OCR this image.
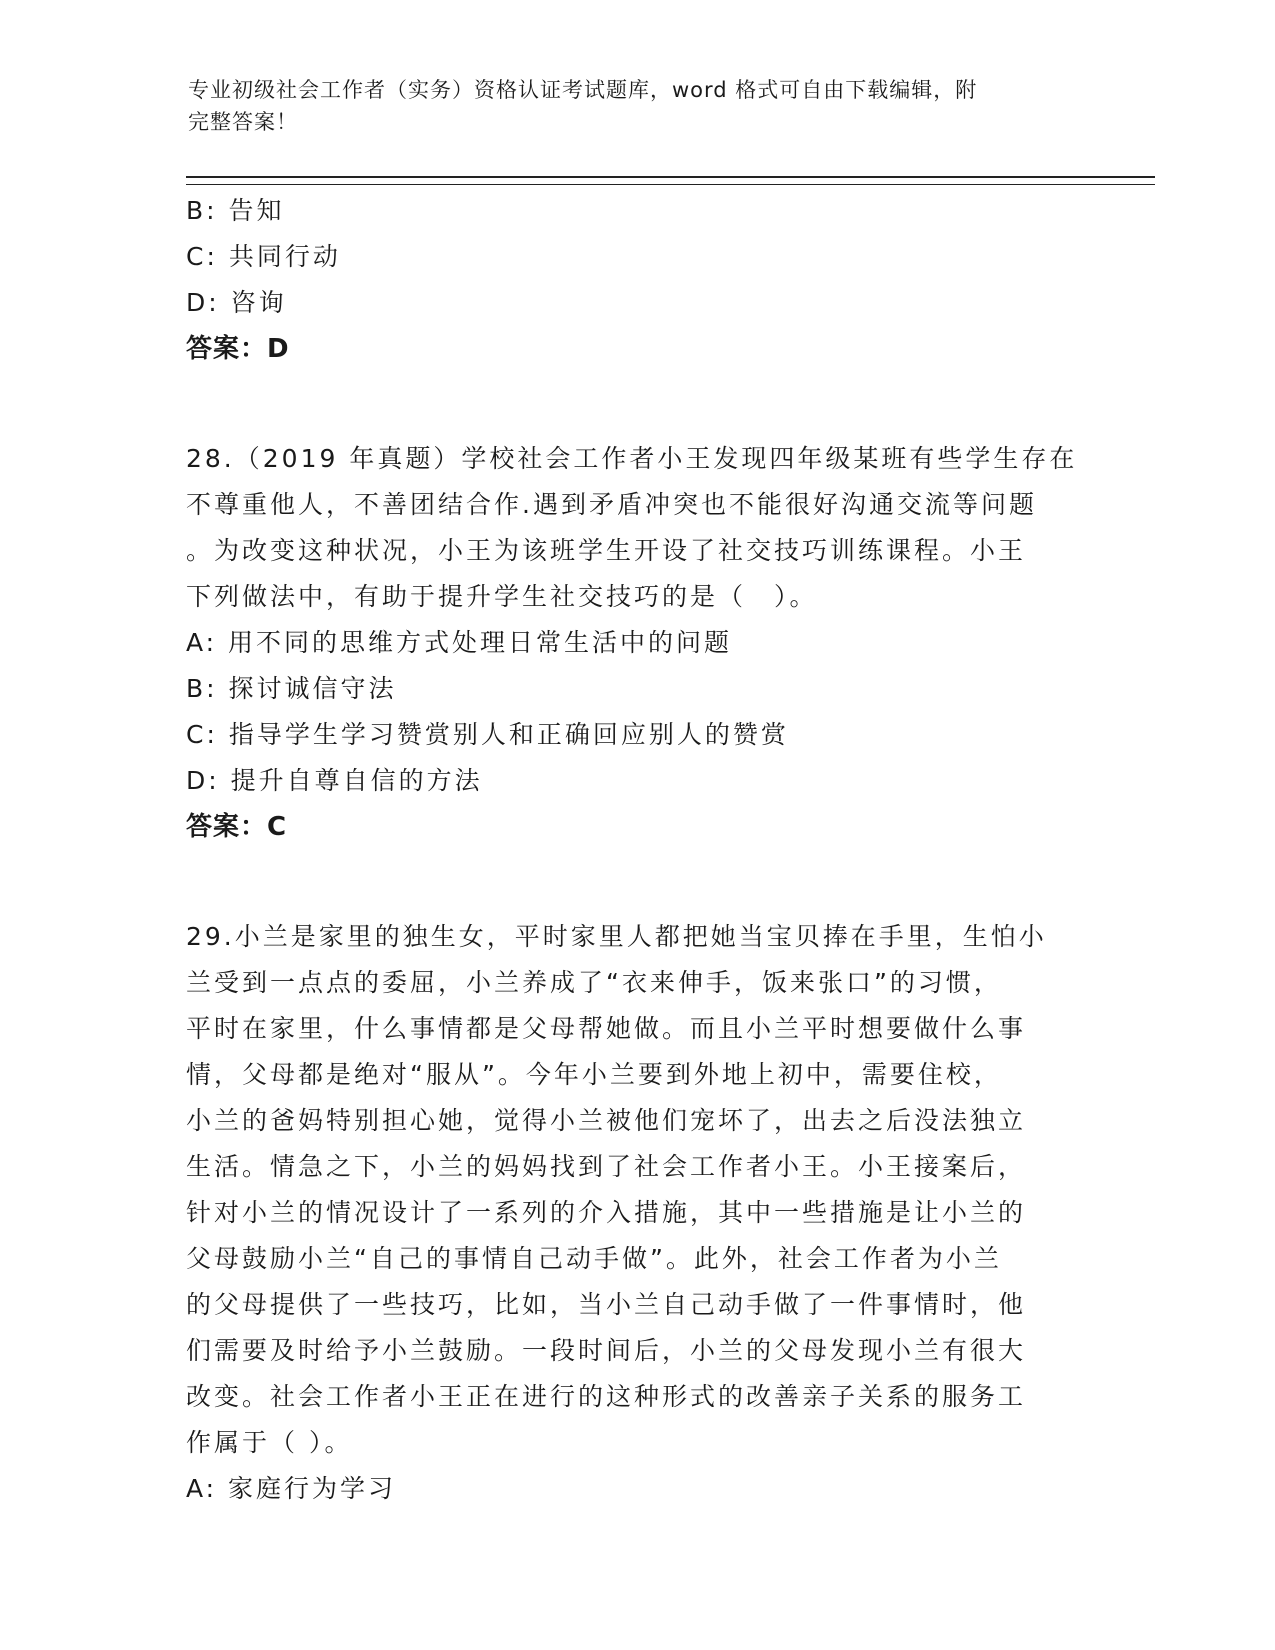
专业初级社会工作者（实务）资格认证考试题库，word 格式可自由下载编辑，附
完整答案！
B: 告知
C: 共同行动
D: 咨询
答案：D
28.（2019 年真题）学校社会工作者小王发现四年级某班有些学生存在
不尊重他人，不善团结合作.遇到矛盾冲突也不能很好沟通交流等问题
。为改变这种状况，小王为该班学生开设了社交技巧训练课程。小王
下列做法中，有助于提升学生社交技巧的是（　）。
A: 用不同的思维方式处理日常生活中的问题
B: 探讨诚信守法
C: 指导学生学习赞赏别人和正确回应别人的赞赏
D: 提升自尊自信的方法
答案：C
29.小兰是家里的独生女，平时家里人都把她当宝贝捧在手里，生怕小
兰受到一点点的委屈，小兰养成了“衣来伸手，饭来张口”的习惯，
平时在家里，什么事情都是父母帮她做。而且小兰平时想要做什么事
情，父母都是绝对“服从”。今年小兰要到外地上初中，需要住校，
小兰的爸妈特别担心她，觉得小兰被他们宠坏了，出去之后没法独立
生活。情急之下，小兰的妈妈找到了社会工作者小王。小王接案后，
针对小兰的情况设计了一系列的介入措施，其中一些措施是让小兰的
父母鼓励小兰“自己的事情自己动手做”。此外，社会工作者为小兰
的父母提供了一些技巧，比如，当小兰自己动手做了一件事情时，他
们需要及时给予小兰鼓励。一段时间后，小兰的父母发现小兰有很大
改变。社会工作者小王正在进行的这种形式的改善亲子关系的服务工
作属于（ ）。
A: 家庭行为学习
